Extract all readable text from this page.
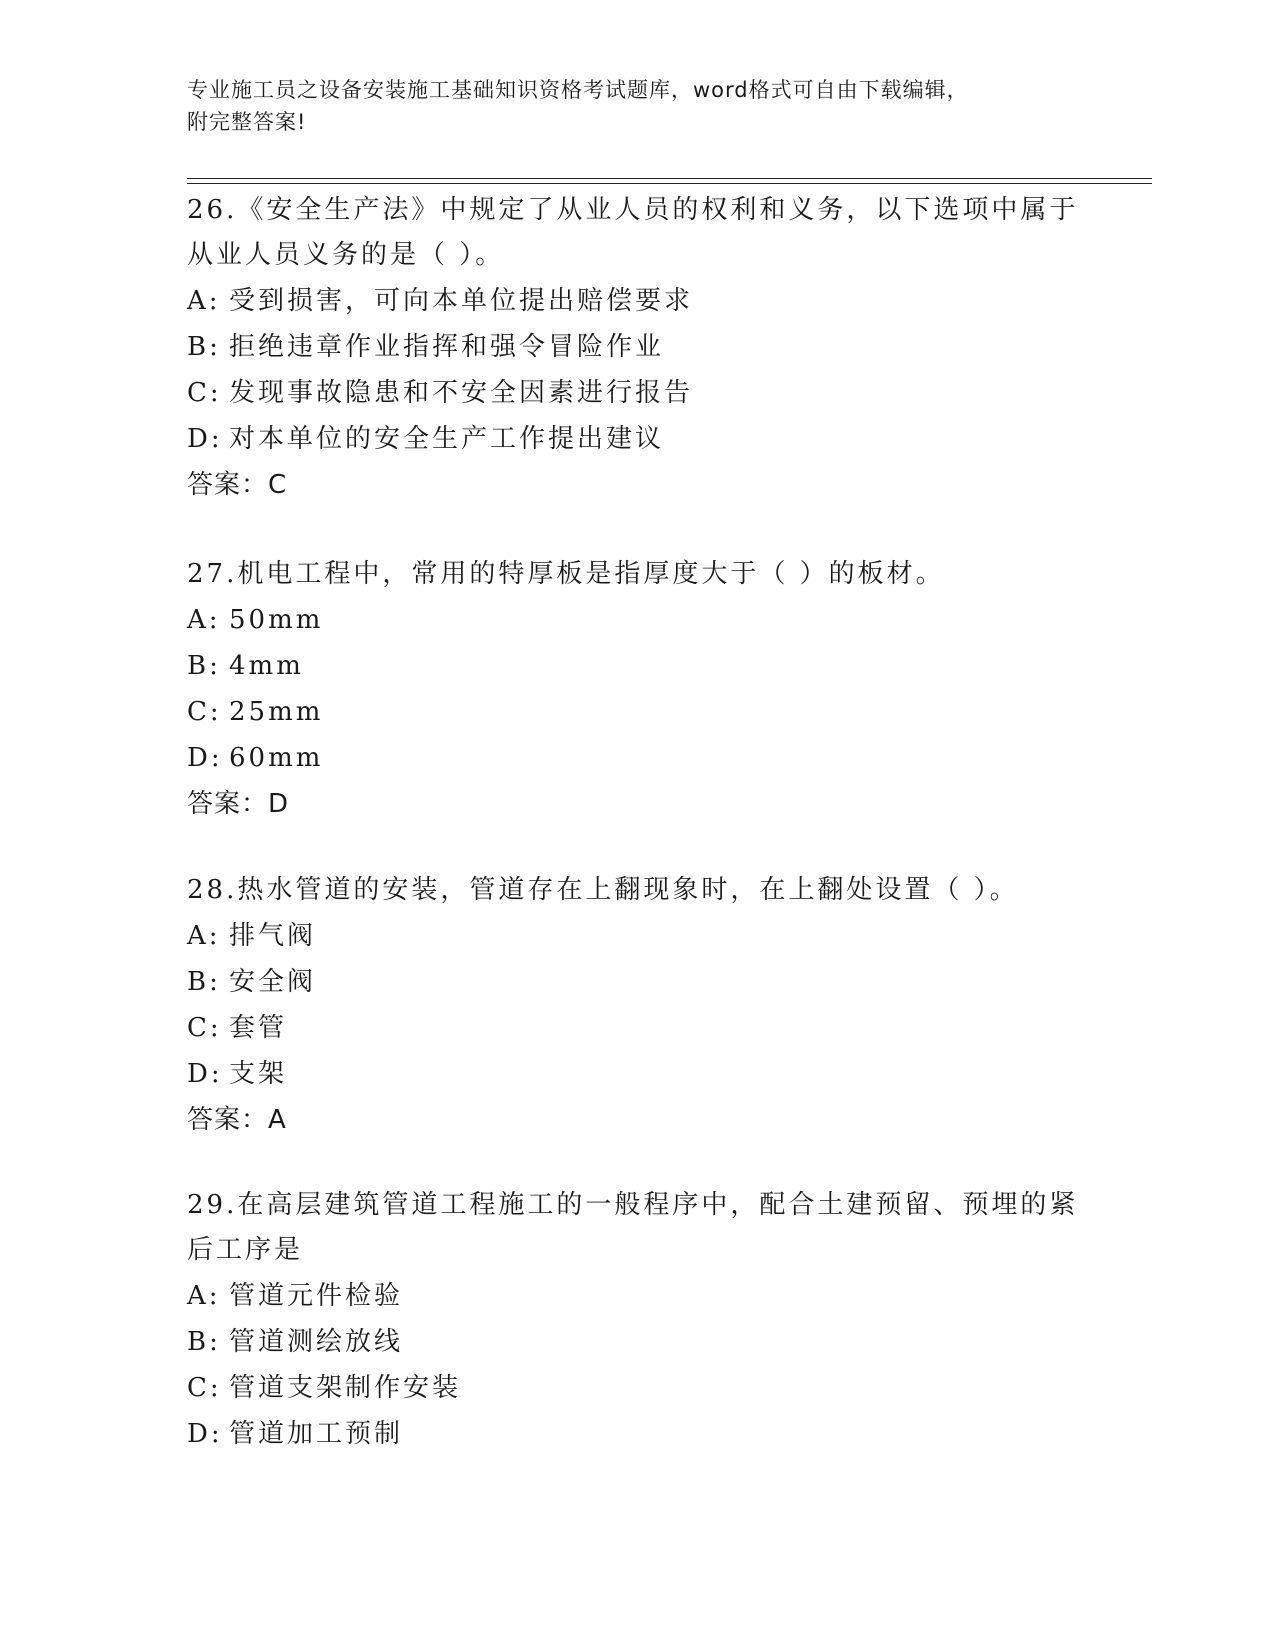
专业施工员之设备安装施工基础知识资格考试题库，word格式可自由下载编辑，
附完整答案!
26.《安全生产法》中规定了从业人员的权利和义务，以下选项中属于
从业人员义务的是（ ）。
A: 受到损害，可向本单位提出赔偿要求
B: 拒绝违章作业指挥和强令冒险作业
C: 发现事故隐患和不安全因素进行报告
D: 对本单位的安全生产工作提出建议
答案：C
27.机电工程中，常用的特厚板是指厚度大于（ ）的板材。
A: 50mm
B: 4mm
C: 25mm
D: 60mm
答案：D
28.热水管道的安装，管道存在上翻现象时，在上翻处设置（ ）。
A: 排气阀
B: 安全阀
C: 套管
D: 支架
答案：A
29.在高层建筑管道工程施工的一般程序中，配合土建预留、预埋的紧
后工序是
A: 管道元件检验
B: 管道测绘放线
C: 管道支架制作安装
D: 管道加工预制
